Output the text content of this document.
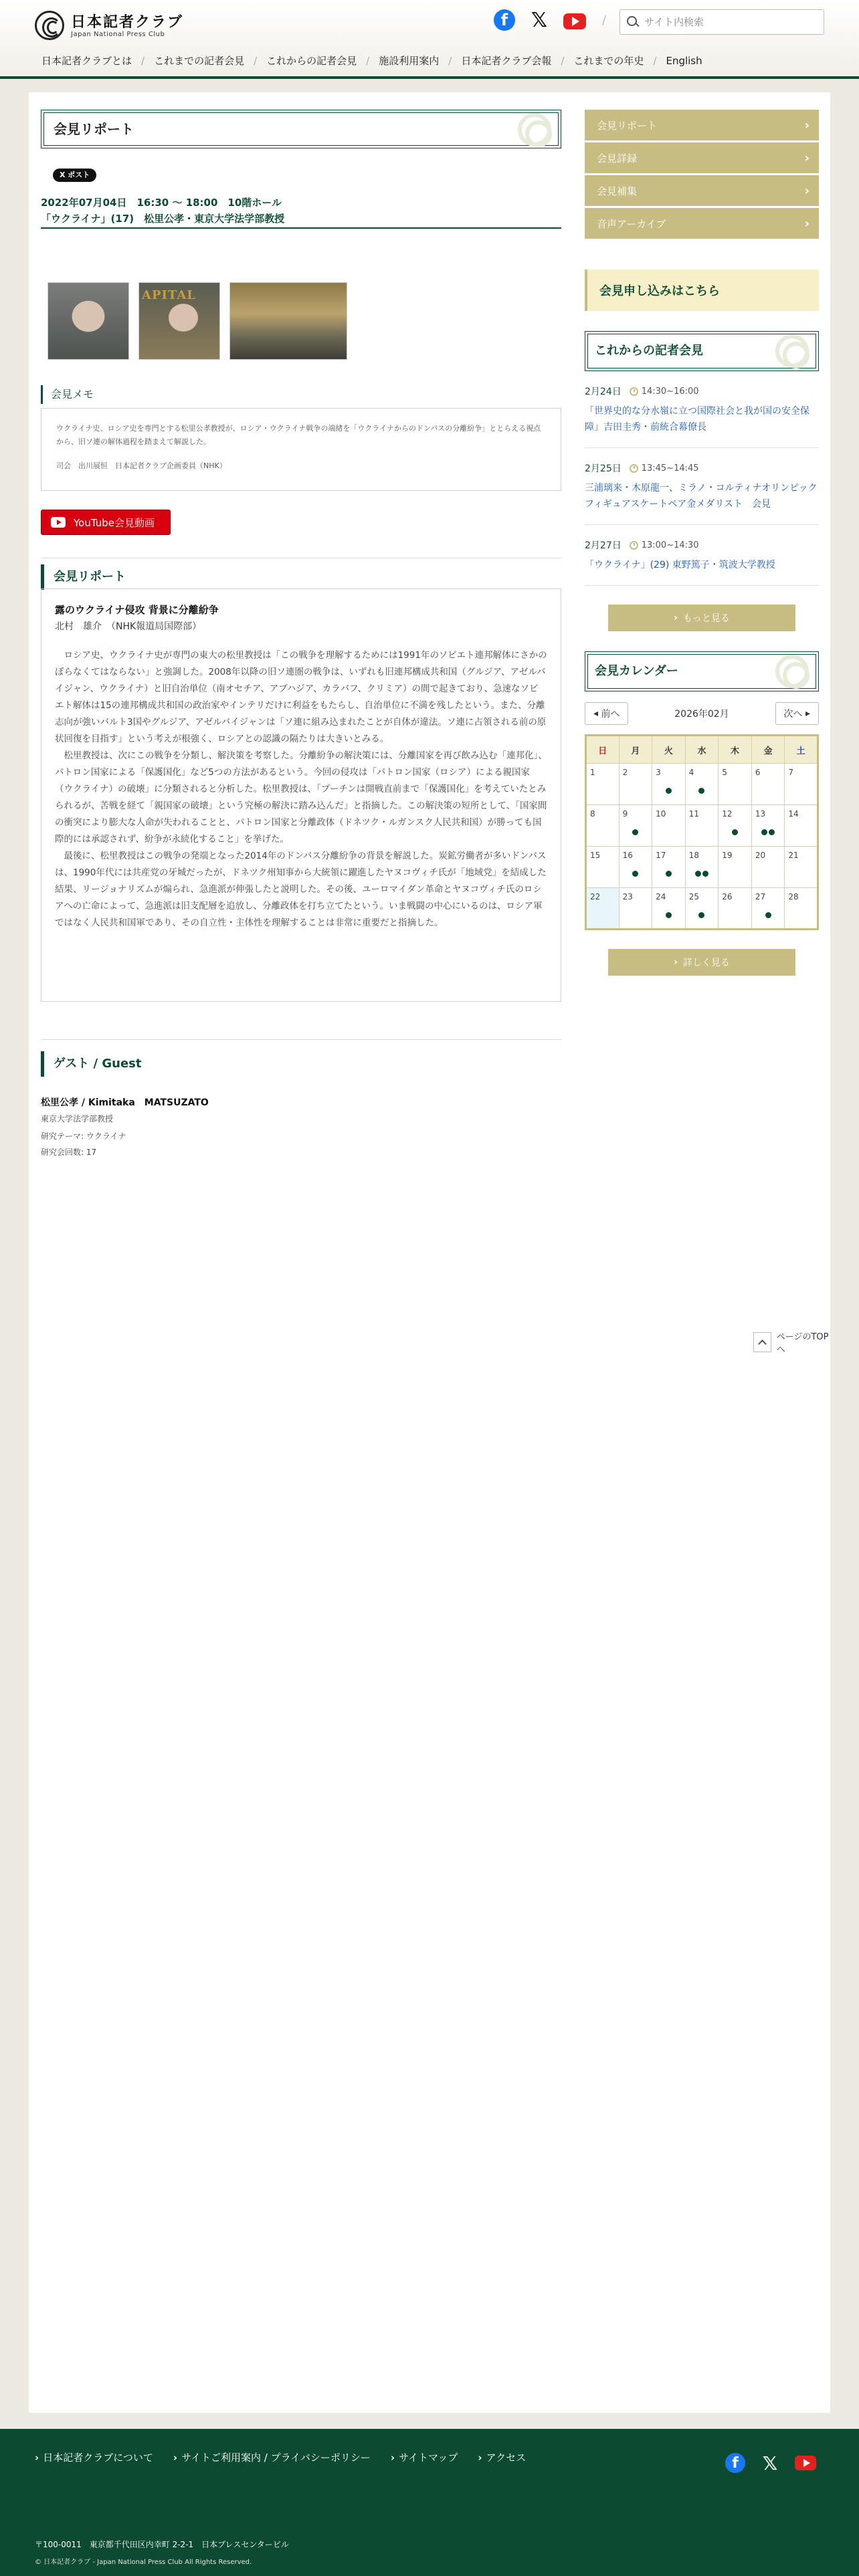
日本記者クラブ
Japan National Press Club
f	𝕏	/
サイト内検索
日本記者クラブとは / これまでの記者会見 / これからの記者会見 / 施設利用案内 / 日本記者クラブ会報 / これまでの年史 / English
会見リポート
X ポスト
2022年07月04日　16:30 〜 18:00　10階ホール
「ウクライナ」(17)　松里公孝・東京大学法学部教授
APITAL
会見メモ
ウクライナ史、ロシア史を専門とする松里公孝教授が、ロシア・ウクライナ戦争の端緒を「ウクライナからのドンバスの分離紛争」ととらえる視点から、旧ソ連の解体過程を踏まえて解説した。
司会　出川展恒　日本記者クラブ企画委員（NHK）
YouTube会見動画
会見リポート
露のウクライナ侵攻 背景に分離紛争
北村　雄介　（NHK報道局国際部）

ロシア史、ウクライナ史が専門の東大の松里教授は「この戦争を理解するためには1991年のソビエト連邦解体にさかのぼらなくてはならない」と強調した。2008年以降の旧ソ連圏の戦争は、いずれも旧連邦構成共和国（グルジア、アゼルバイジャン、ウクライナ）と旧自治単位（南オセチア、アブハジア、カラバフ、クリミア）の間で起きており、急速なソビエト解体は15の連邦構成共和国の政治家やインテリだけに利益をもたらし、自治単位に不満を残したという。また、分離志向が強いバルト3国やグルジア、アゼルバイジャンは「ソ連に組み込まれたことが自体が違法。ソ連に占領される前の原状回復を目指す」という考えが根強く、ロシアとの認識の隔たりは大きいとみる。

松里教授は、次にこの戦争を分類し、解決策を考察した。分離紛争の解決策には、分離国家を再び飲み込む「連邦化」、パトロン国家による「保護国化」など5つの方法があるという。今回の侵攻は「パトロン国家（ロシア）による親国家（ウクライナ）の破壊」に分類されると分析した。松里教授は、「プーチンは開戦直前まで「保護国化」を考えていたとみられるが、苦戦を経て「親国家の破壊」という究極の解決に踏み込んだ」と指摘した。この解決策の短所として、「国家間の衝突により膨大な人命が失われることと、パトロン国家と分離政体（ドネツク・ルガンスク人民共和国）が勝っても国際的には承認されず、紛争が永続化すること」を挙げた。

最後に、松里教授はこの戦争の発端となった2014年のドンバス分離紛争の背景を解説した。炭鉱労働者が多いドンバスは、1990年代には共産党の牙城だったが、ドネツク州知事から大統領に躍進したヤヌコヴィチ氏が「地域党」を結成した結果、リージョナリズムが煽られ、急進派が伸張したと説明した。その後、ユーロマイダン革命とヤヌコヴィチ氏のロシアへの亡命によって、急進派は旧支配層を追放し、分離政体を打ち立てたという。いま戦闘の中心にいるのは、ロシア軍ではなく人民共和国軍であり、その自立性・主体性を理解することは非常に重要だと指摘した。

ゲスト / Guest
松里公孝 / Kimitaka　MATSUZATO
東京大学法学部教授
研究テーマ: ウクライナ
研究会回数: 17
会見リポート	›
会見詳録	›
会見補集	›
音声アーカイブ	›
会見申し込みはこちら
これからの記者会見
2月24日 14:30~16:00
「世界史的な分水嶺に立つ国際社会と我が国の安全保障」吉田圭秀・前統合幕僚長
2月25日 13:45~14:45
三浦璃来・木原龍一、ミラノ・コルティナオリンピック フィギュアスケートペア金メダリスト　会見
2月27日 13:00~14:30
「ウクライナ」(29) 東野篤子・筑波大学教授
› もっと見る
会見カレンダー
◂
前へ	2026年02月	次へ
▸
日	月	火	水	木	金	土

1	2	3	4	5	6	7

8	9	10	11	12	13	14

15	16	17	18	19	20	21

22	23	24	25	26	27	28
› 詳しく見る
ページのTOPへ
› 日本記者クラブについて › サイトご利用案内 / プライバシーポリシー › サイトマップ › アクセス	f	𝕏
〒100-0011　東京都千代田区内幸町 2-2-1　日本プレスセンタービル
© 日本記者クラブ - Japan National Press Club All Rights Reserved.
